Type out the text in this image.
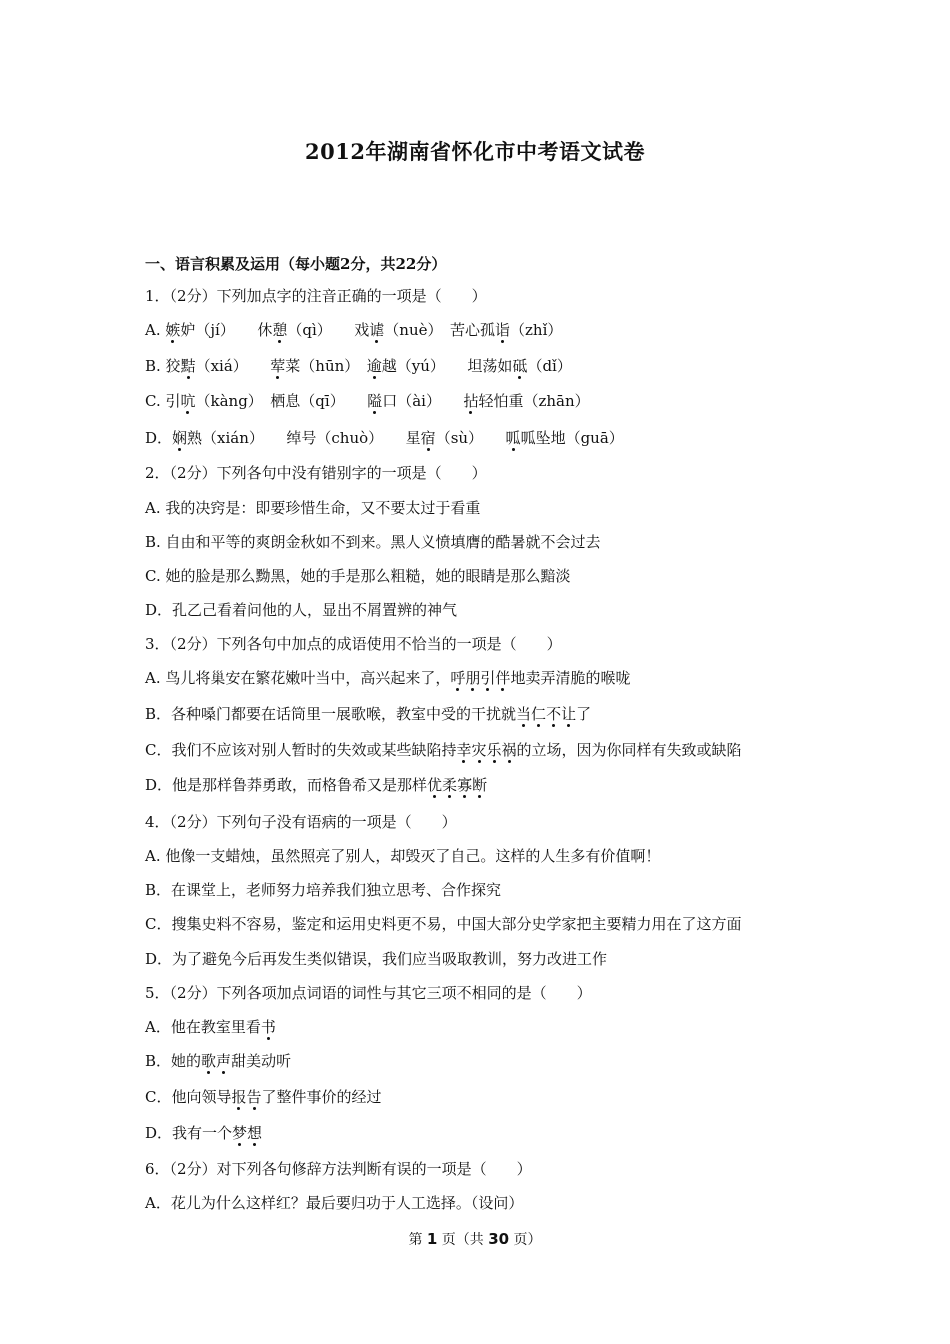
2012年湖南省怀化市中考语文试卷
一、语言积累及运用（每小题2分，共22分）
1．（2分）下列加点字的注音正确的一项是（　　）
A. 嫉妒（jí）　　休憩（qì）　　戏谑（nuè）　苦心孤诣（zhǐ）
B. 狡黠（xiá）　　荤菜（hūn）　逾越（yú）　　坦荡如砥（dǐ）
C. 引吭（kàng）　栖息（qī）　　隘口（ài）　　拈轻怕重（zhān）
D．娴熟（xián）　　绰号（chuò）　　星宿（sù）　　呱呱坠地（guā）
2．（2分）下列各句中没有错别字的一项是（　　）
A. 我的决窍是：即要珍惜生命，又不要太过于看重
B. 自由和平等的爽朗金秋如不到来。黑人义愤填膺的酷暑就不会过去
C. 她的脸是那么黝黑，她的手是那么粗糙，她的眼睛是那么黯淡
D．孔乙己看着问他的人，显出不屑置辨的神气
3．（2分）下列各句中加点的成语使用不恰当的一项是（　　）
A. 鸟儿将巢安在繁花嫩叶当中，高兴起来了，呼朋引伴地卖弄清脆的喉咙
B．各种嗓门都要在话筒里一展歌喉，教室中受的干扰就当仁不让了
C．我们不应该对别人暂时的失效或某些缺陷持幸灾乐祸的立场，因为你同样有失致或缺陷
D．他是那样鲁莽勇敢，而格鲁希又是那样优柔寡断
4．（2分）下列句子没有语病的一项是（　　）
A. 他像一支蜡烛，虽然照亮了别人，却毁灭了自己。这样的人生多有价值啊！
B．在课堂上，老师努力培养我们独立思考、合作探究
C．搜集史料不容易，鉴定和运用史料更不易，中国大部分史学家把主要精力用在了这方面
D．为了避免今后再发生类似错误，我们应当吸取教训，努力改进工作
5．（2分）下列各项加点词语的词性与其它三项不相同的是（　　）
A．他在教室里看书
B．她的歌声甜美动听
C．他向领导报告了整件事价的经过
D．我有一个梦想
6．（2分）对下列各句修辞方法判断有误的一项是（　　）
A．花儿为什么这样红？最后要归功于人工选择。（设问）
第 1 页（共 30 页）
